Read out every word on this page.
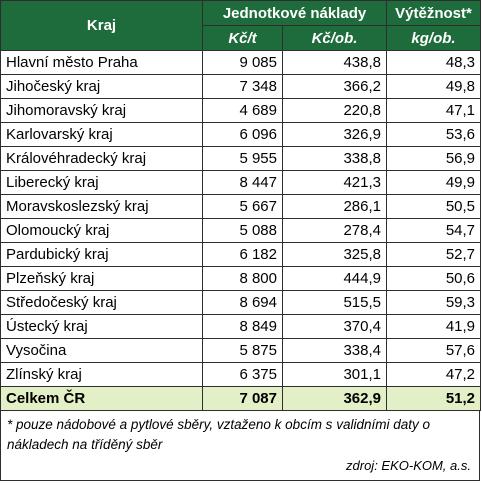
Kraj	Jednotkové náklady		Výtěžnost*
	Kč/t	Kč/ob.	kg/ob.
Hlavní město Praha	9 085	438,8	48,3
Jihočeský kraj	7 348	366,2	49,8
Jihomoravský kraj	4 689	220,8	47,1
Karlovarský kraj	6 096	326,9	53,6
Královéhradecký kraj	5 955	338,8	56,9
Liberecký kraj	8 447	421,3	49,9
Moravskoslezský kraj	5 667	286,1	50,5
Olomoucký kraj	5 088	278,4	54,7
Pardubický kraj	6 182	325,8	52,7
Plzeňský kraj	8 800	444,9	50,6
Středočeský kraj	8 694	515,5	59,3
Ústecký kraj	8 849	370,4	41,9
Vysočina	5 875	338,4	57,6
Zlínský kraj	6 375	301,1	47,2
Celkem ČR	7 087	362,9	51,2
* pouze nádobové a pytlové sběry, vztaženo k obcím s validními daty o nákladech na tříděný sběr
zdroj: EKO-KOM, a.s.
